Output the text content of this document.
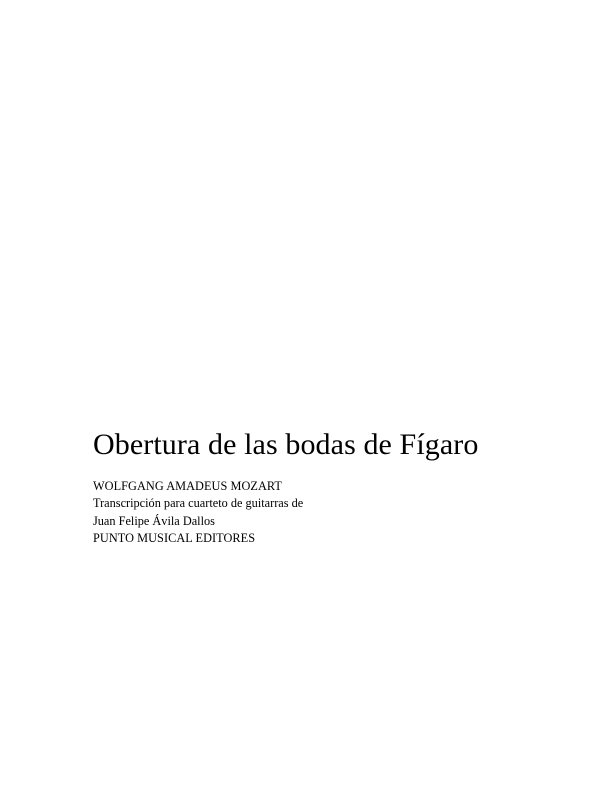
Obertura de las bodas de Fígaro

WOLFGANG AMADEUS MOZART

Transcripción para cuarteto de guitarras de

Juan Felipe Ávila Dallos

PUNTO MUSICAL EDITORES
